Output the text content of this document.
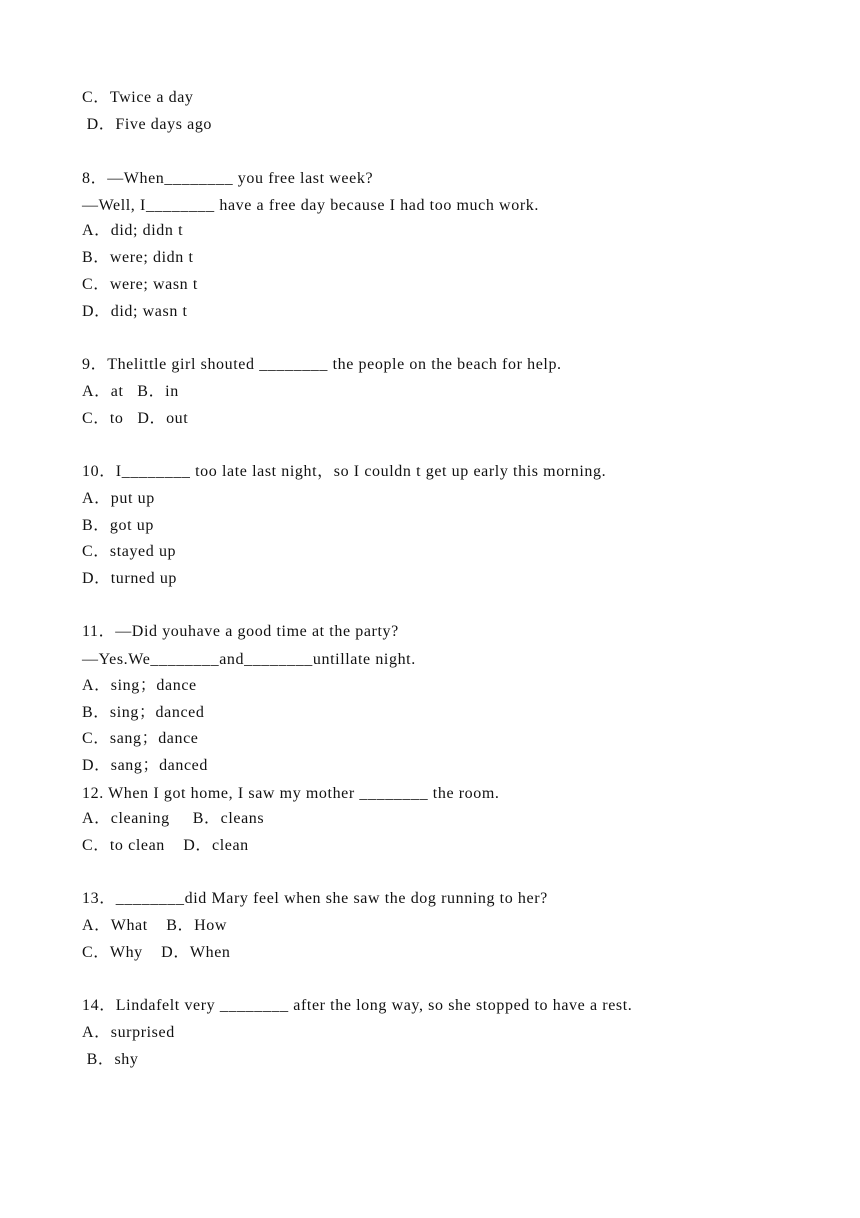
C．Twice a day
D．Five days ago
8．—When________ you free last week?
—Well, I________ have a free day because I had too much work.
A．did; didn t
B．were; didn t
C．were; wasn t
D．did; wasn t
9．Thelittle girl shouted ________ the people on the beach for help.
A．at   B．in
C．to   D．out
10．I________ too late last night，so I couldn t get up early this morning.
A．put up
B．got up
C．stayed up
D．turned up
11．—Did youhave a good time at the party?
—Yes.We________and________untillate night.
A．sing；dance
B．sing；danced
C．sang；dance
D．sang；danced
12. When I got home, I saw my mother ________ the room.
A．cleaning     B．cleans
C．to clean    D．clean
13．________did Mary feel when she saw the dog running to her?
A．What    B．How
C．Why    D．When
14．Lindafelt very ________ after the long way, so she stopped to have a rest.
A．surprised
B．shy
